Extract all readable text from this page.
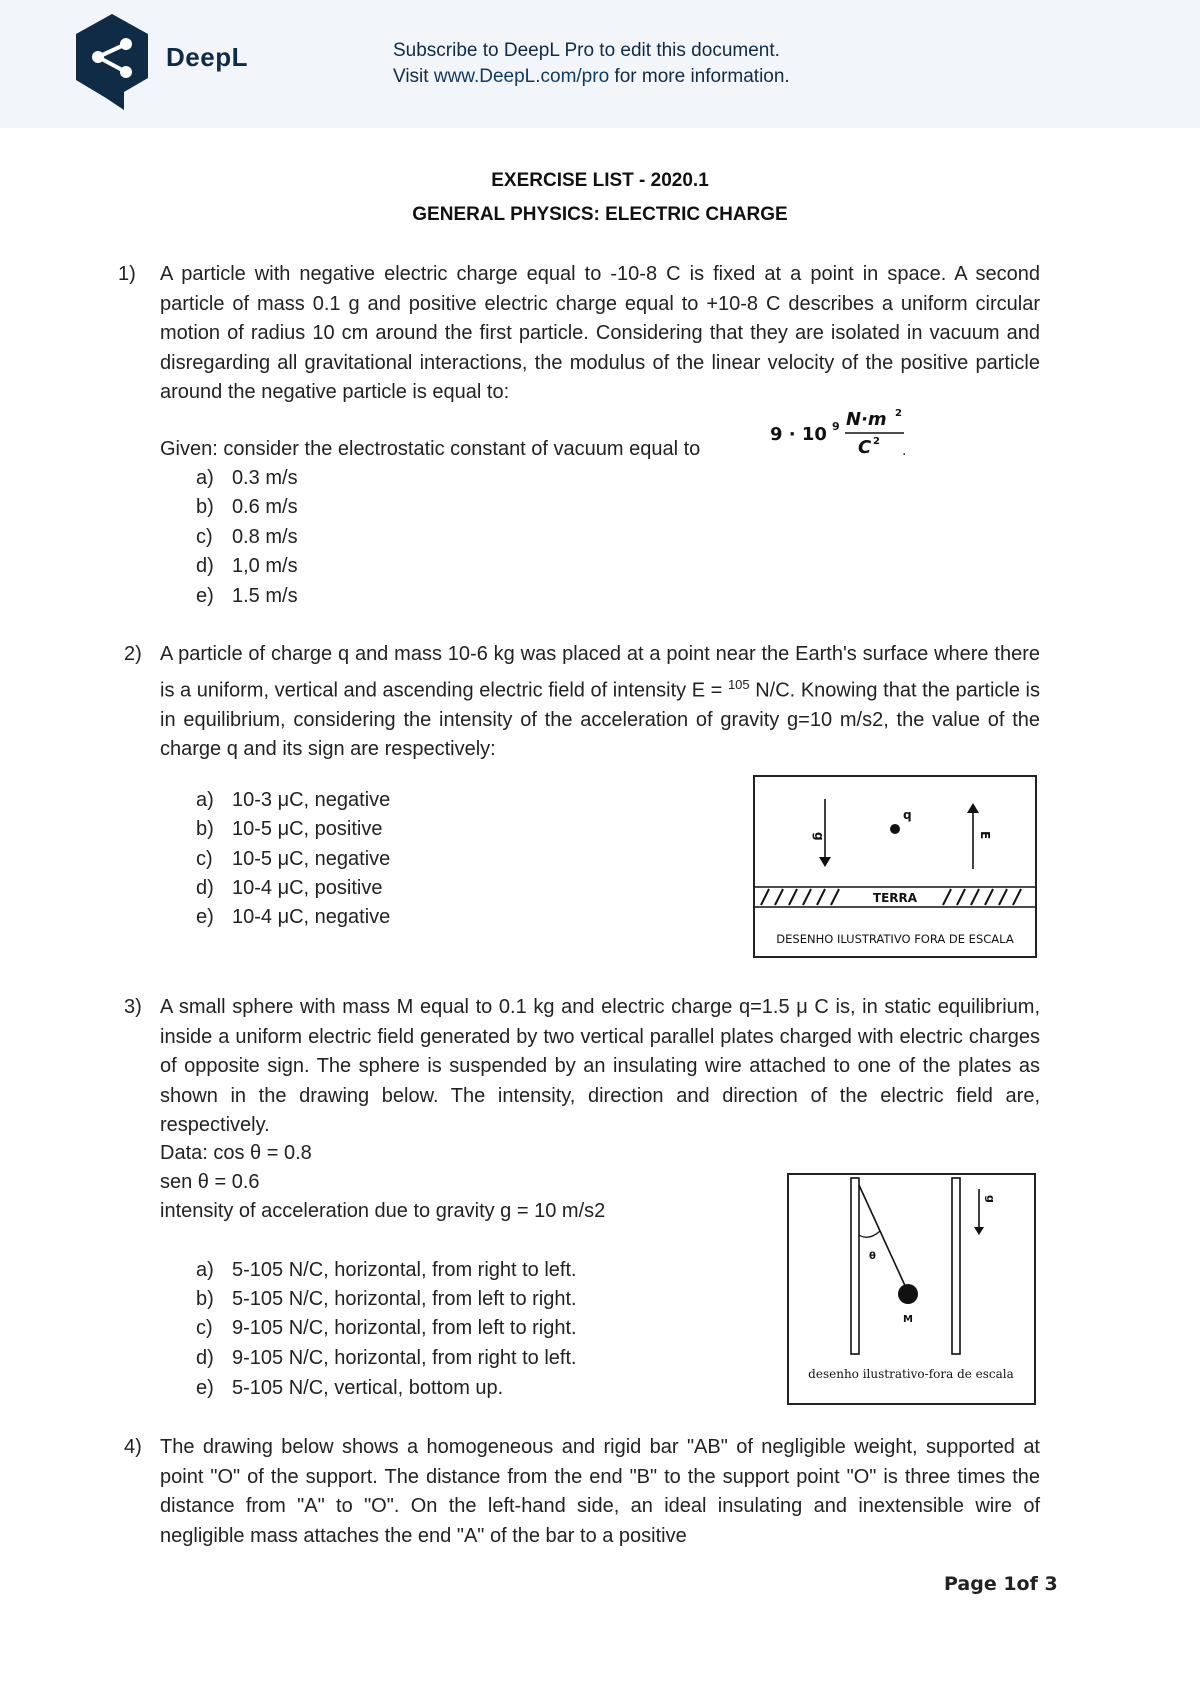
DeepL	Subscribe to DeepL Pro to edit this document.
Visit www.DeepL.com/pro for more information.
EXERCISE LIST - 2020.1
GENERAL PHYSICS: ELECTRIC CHARGE
1) A particle with negative electric charge equal to -10-8 C is fixed at a point in space. A second particle of mass 0.1 g and positive electric charge equal to +10-8 C describes a uniform circular motion of radius 10 cm around the first particle. Considering that they are isolated in vacuum and disregarding all gravitational interactions, the modulus of the linear velocity of the positive particle around the negative particle is equal to:

Given: consider the electrostatic constant of vacuum equal to
9 · 10 9 N·m 2
C 2
.
a) 0.3 m/s
b) 0.6 m/s
c) 0.8 m/s
d) 1,0 m/s
e) 1.5 m/s
2) A particle of charge q and mass 10-6 kg was placed at a point near the Earth's surface where there is a uniform, vertical and ascending electric field of intensity E = $^{105}$ N/C. Knowing that the particle is in equilibrium, considering the intensity of the acceleration of gravity g=10 m/s2, the value of the charge q and its sign are respectively:

a) 10-3 μC, negative
b) 10-5 μC, positive
c) 10-5 μC, negative
d) 10-4 μC, positive
e) 10-4 μC, negative
g
q
E
TERRA
DESENHO ILUSTRATIVO FORA DE ESCALA
3) A small sphere with mass M equal to 0.1 kg and electric charge q=1.5 μ C is, in static equilibrium, inside a uniform electric field generated by two vertical parallel plates charged with electric charges of opposite sign. The sphere is suspended by an insulating wire attached to one of the plates as shown in the drawing below. The intensity, direction and direction of the electric field are, respectively.

Data: cos θ = 0.8
sen θ = 0.6
intensity of acceleration due to gravity g = 10 m/s2
a) 5-105 N/C, horizontal, from right to left.
b) 5-105 N/C, horizontal, from left to right.
c) 9-105 N/C, horizontal, from left to right.
d) 9-105 N/C, horizontal, from right to left.
e) 5-105 N/C, vertical, bottom up.
θ
M
g
desenho ilustrativo-fora de escala
4) The drawing below shows a homogeneous and rigid bar "AB" of negligible weight, supported at point "O" of the support. The distance from the end "B" to the support point "O" is three times the distance from "A" to "O". On the left-hand side, an ideal insulating and inextensible wire of negligible mass attaches the end "A" of the bar to a positive

Page 1of 3
